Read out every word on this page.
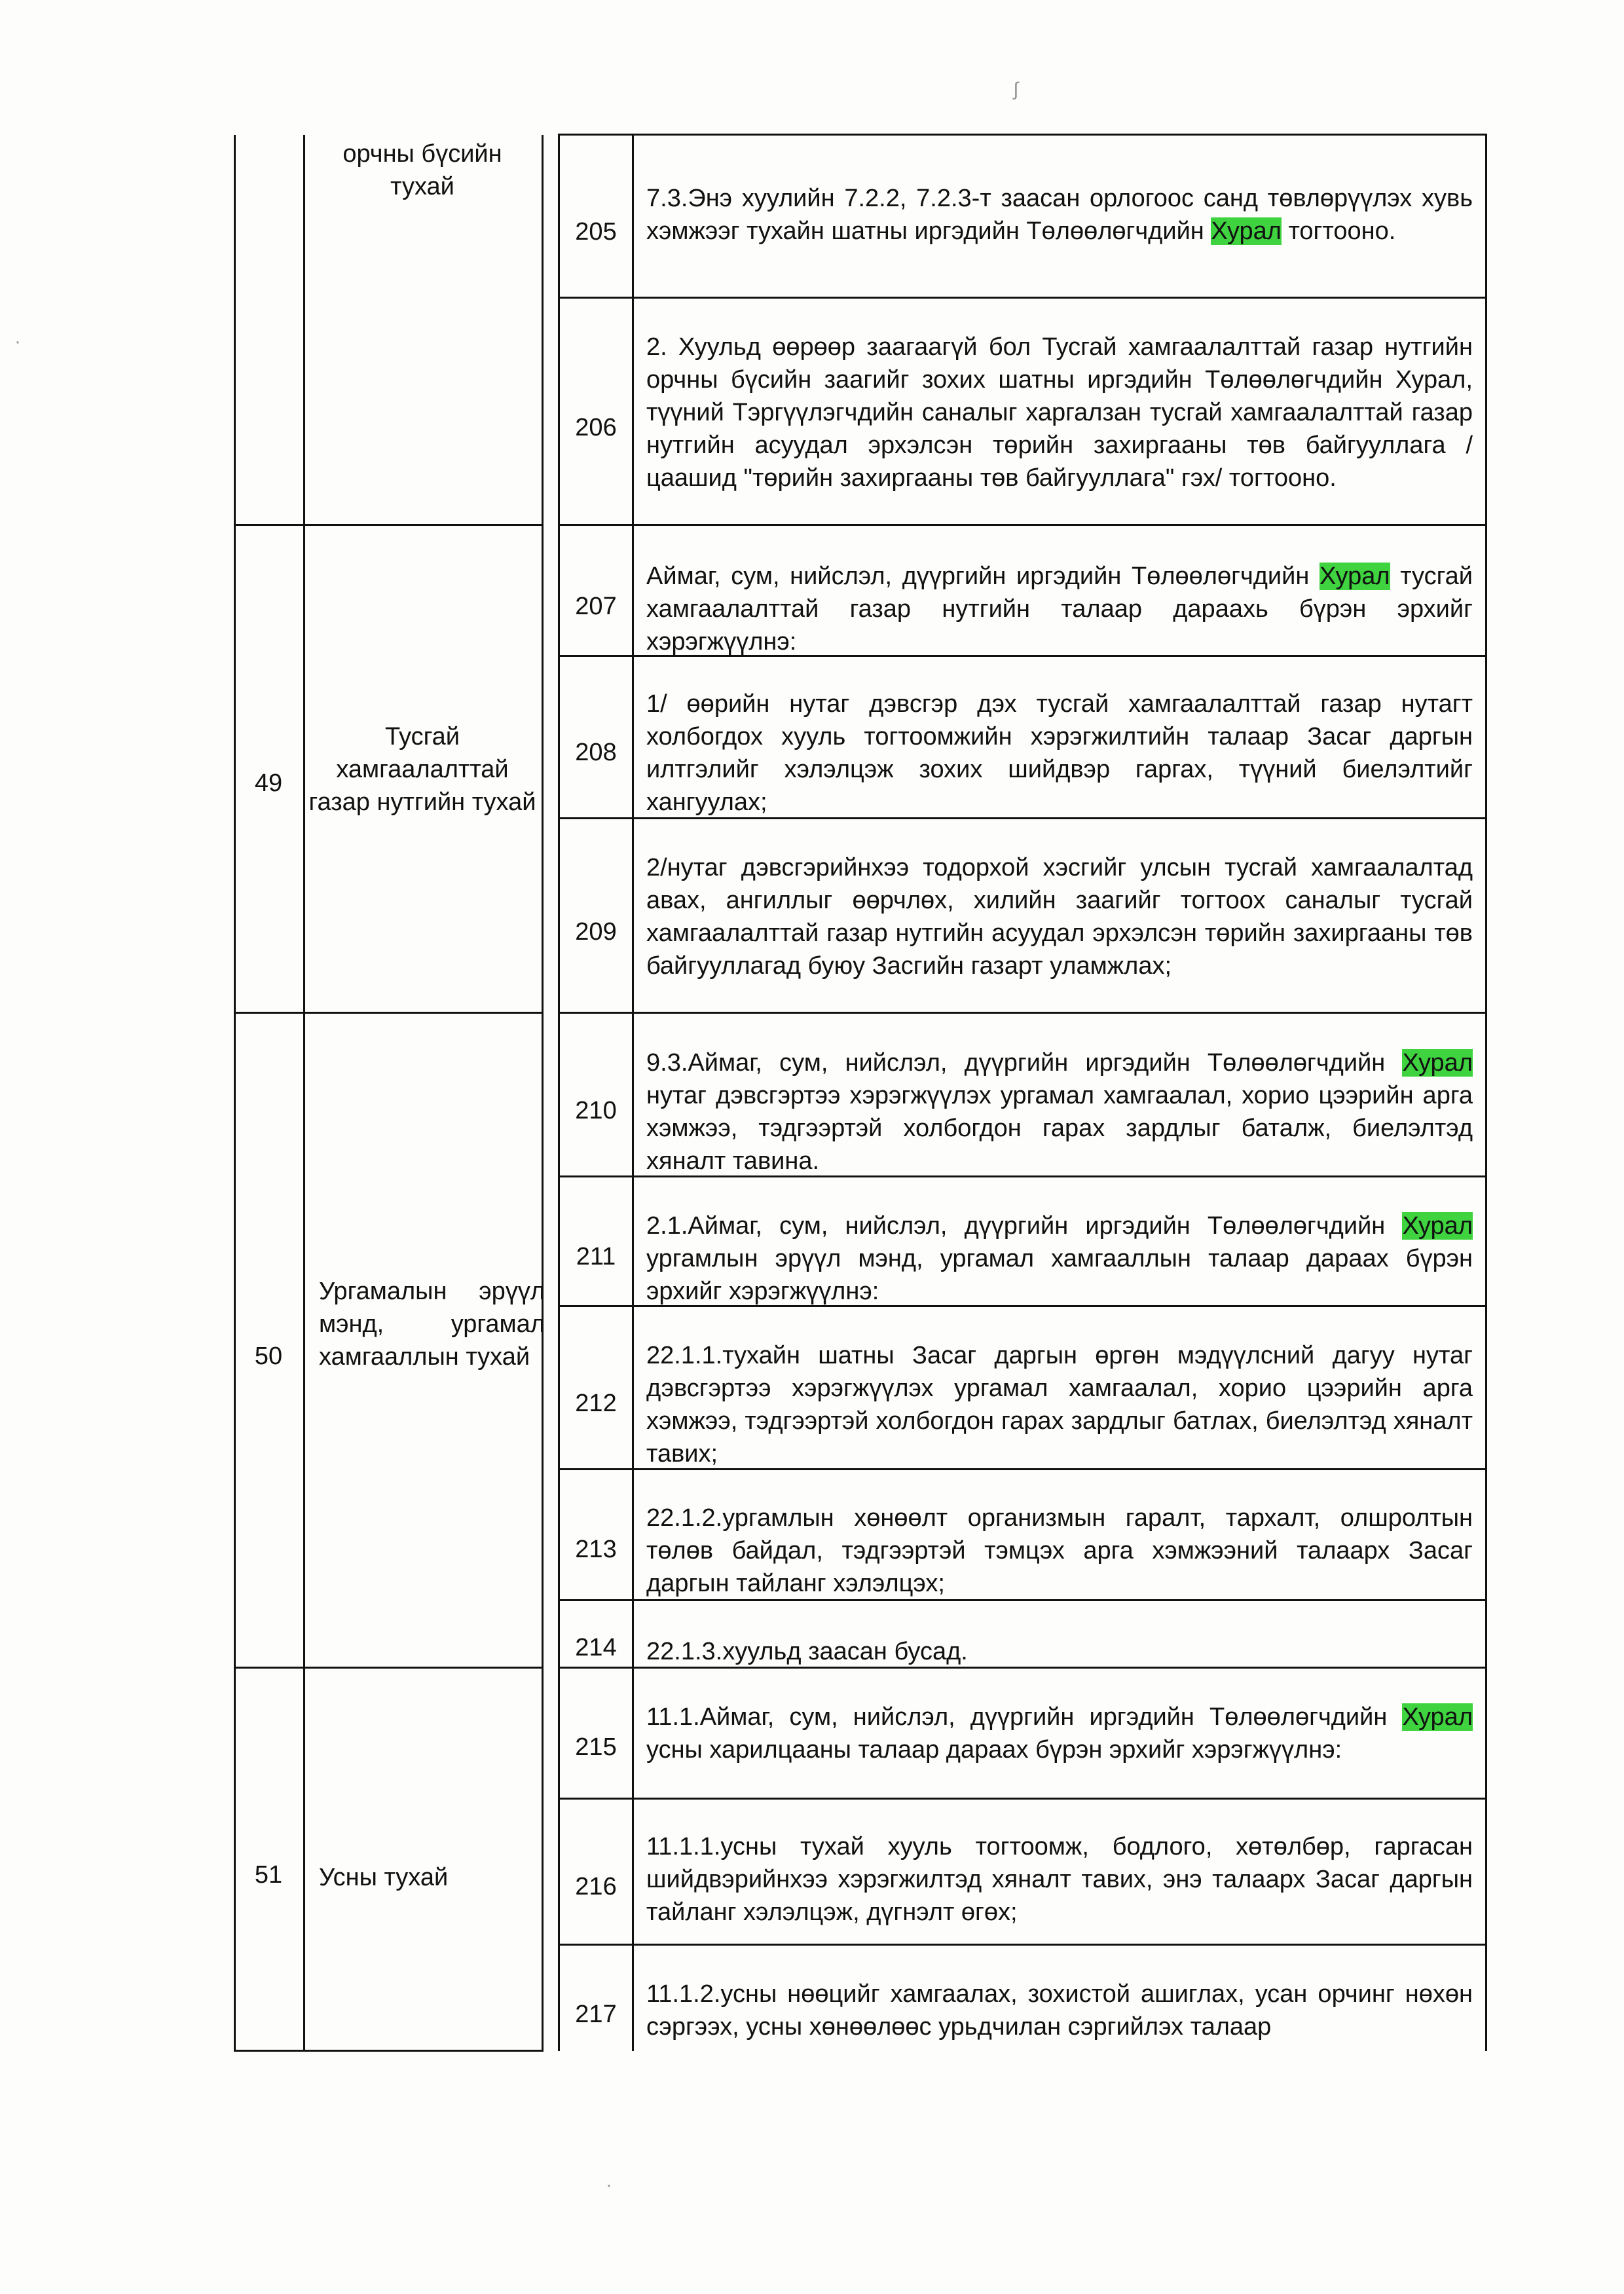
орчны бүсийн тухай
49
Тусгай хамгаалалттай газар нутгийн тухай
50
Ургамалын эрүүл мэнд, ургамал хамгааллын тухай
51	Усны тухай
205
206
207
208
209
210
211
212
213
214
215
216
217
7.3.Энэ хуулийн 7.2.2, 7.2.3-т заасан орлогоос санд төвлөрүүлэх хувь хэмжээг тухайн шатны иргэдийн Төлөөлөгчдийн Хурал тогтооно.
2. Хуульд өөрөөр заагаагүй бол Тусгай хамгаалалттай газар нутгийн орчны бүсийн заагийг зохих шатны иргэдийн Төлөөлөгчдийн Хурал, түүний Тэргүүлэгчдийн саналыг харгалзан тусгай хамгаалалттай газар нутгийн асуудал эрхэлсэн төрийн захиргааны төв байгууллага / цаашид "төрийн захиргааны төв байгууллага" гэх/ тогтооно.
Аймаг, сум, нийслэл, дүүргийн иргэдийн Төлөөлөгчдийн Хурал тусгай хамгаалалттай газар нутгийн талаар дараахь бүрэн эрхийг хэрэгжүүлнэ:
1/ өөрийн нутаг дэвсгэр дэх тусгай хамгаалалттай газар нутагт холбогдох хууль тогтоомжийн хэрэгжилтийн талаар Засаг даргын илтгэлийг хэлэлцэж зохих шийдвэр гаргах, түүний биелэлтийг хангуулах;
2/нутаг дэвсгэрийнхээ тодорхой хэсгийг улсын тусгай хамгаалалтад авах, ангиллыг өөрчлөх, хилийн заагийг тогтоох саналыг тусгай хамгаалалттай газар нутгийн асуудал эрхэлсэн төрийн захиргааны төв байгууллагад буюу Засгийн газарт уламжлах;
9.3.Аймаг, сум, нийслэл, дүүргийн иргэдийн Төлөөлөгчдийн Хурал нутаг дэвсгэртээ хэрэгжүүлэх ургамал хамгаалал, хорио цээрийн арга хэмжээ, тэдгээртэй холбогдон гарах зардлыг баталж, биелэлтэд хяналт тавина.
2.1.Аймаг, сум, нийслэл, дүүргийн иргэдийн Төлөөлөгчдийн Хурал ургамлын эрүүл мэнд, ургамал хамгааллын талаар дараах бүрэн эрхийг хэрэгжүүлнэ:
22.1.1.тухайн шатны Засаг даргын өргөн мэдүүлсний дагуу нутаг дэвсгэртээ хэрэгжүүлэх ургамал хамгаалал, хорио цээрийн арга хэмжээ, тэдгээртэй холбогдон гарах зардлыг батлах, биелэлтэд хяналт тавих;
22.1.2.ургамлын хөнөөлт организмын гаралт, тархалт, олшролтын төлөв байдал, тэдгээртэй тэмцэх арга хэмжээний талаарх Засаг даргын тайланг хэлэлцэх;
22.1.3.хуульд заасан бусад.
11.1.Аймаг, сум, нийслэл, дүүргийн иргэдийн Төлөөлөгчдийн Хурал усны харилцааны талаар дараах бүрэн эрхийг хэрэгжүүлнэ:
11.1.1.усны тухай хууль тогтоомж, бодлого, хөтөлбөр, гаргасан шийдвэрийнхээ хэрэгжилтэд хяналт тавих, энэ талаарх Засаг даргын тайланг хэлэлцэж, дүгнэлт өгөх;
11.1.2.усны нөөцийг хамгаалах, зохистой ашиглах, усан орчинг нөхөн сэргээх, усны хөнөөлөөс урьдчилан сэргийлэх талаар
ʃ
·
·
